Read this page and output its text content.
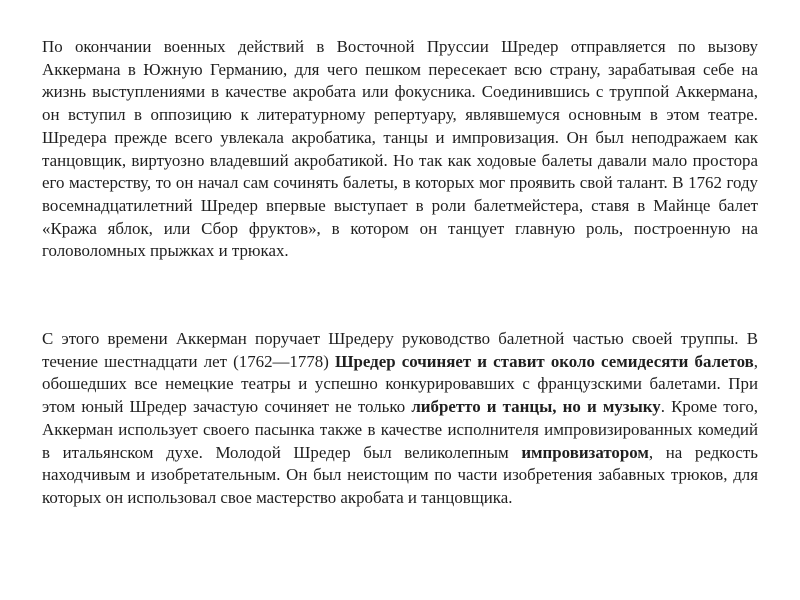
По окончании военных действий в Восточной Пруссии Шредер отправляется по вызову Аккермана в Южную Германию, для чего пешком пересекает всю страну, зарабатывая себе на жизнь выступлениями в качестве акробата или фокусника. Соединившись с труппой Аккермана, он вступил в оппозицию к литературному репертуару, являвшемуся основным в этом театре. Шредера прежде всего увлекала акробатика, танцы и импровизация. Он был неподражаем как танцовщик, виртуозно владевший акробатикой. Но так как ходовые балеты давали мало простора его мастерству, то он начал сам сочинять балеты, в которых мог проявить свой талант. В 1762 году восемнадцатилетний Шредер впервые выступает в роли балетмейстера, ставя в Майнце балет «Кража яблок, или Сбор фруктов», в котором он танцует главную роль, построенную на головоломных прыжках и трюках.

С этого времени Аккерман поручает Шредеру руководство балетной частью своей труппы. В течение шестнадцати лет (1762—1778) Шредер сочиняет и ставит около семидесяти балетов, обошедших все немецкие театры и успешно конкурировавших с французскими балетами. При этом юный Шредер зачастую сочиняет не только либретто и танцы, но и музыку. Кроме того, Аккерман использует своего пасынка также в качестве исполнителя импровизированных комедий в итальянском духе. Молодой Шредер был великолепным импровизатором, на редкость находчивым и изобретательным. Он был неистощим по части изобретения забавных трюков, для которых он использовал свое мастерство акробата и танцовщика.
